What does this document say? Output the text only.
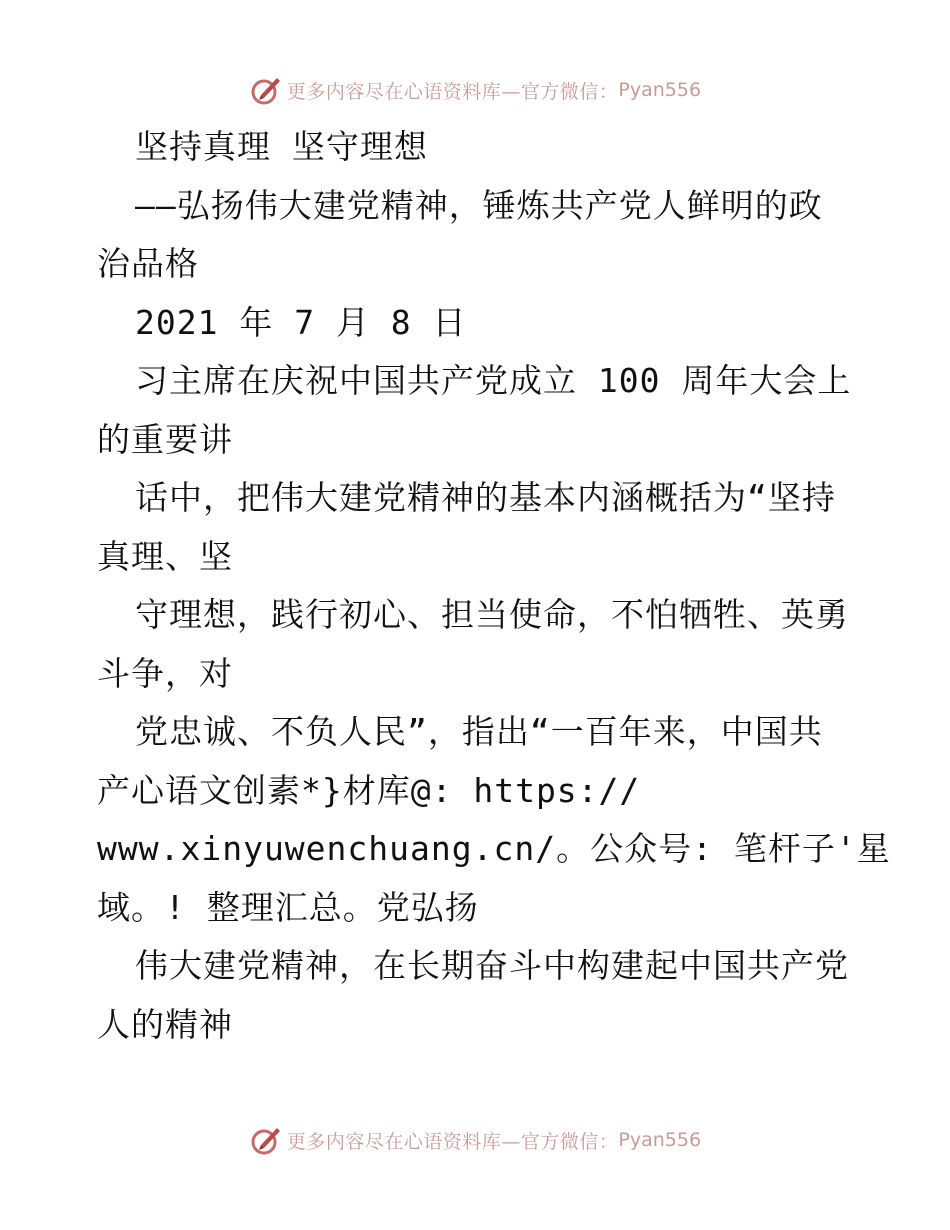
更多内容尽在心语资料库—官方微信： Pyan556
坚持真理 坚守理想
——弘扬伟大建党精神，锤炼共产党人鲜明的政
治品格
2021 年 7 月 8 日
习主席在庆祝中国共产党成立 100 周年大会上
的重要讲
话中，把伟大建党精神的基本内涵概括为“坚持
真理、坚
守理想，践行初心、担当使命，不怕牺牲、英勇
斗争，对
党忠诚、不负人民”，指出“一百年来，中国共
产心语文创素*}材库@: https://
www.xinyuwenchuang.cn/。公众号: 笔杆子'星
域。! 整理汇总。党弘扬
伟大建党精神，在长期奋斗中构建起中国共产党
人的精神
更多内容尽在心语资料库—官方微信： Pyan556
